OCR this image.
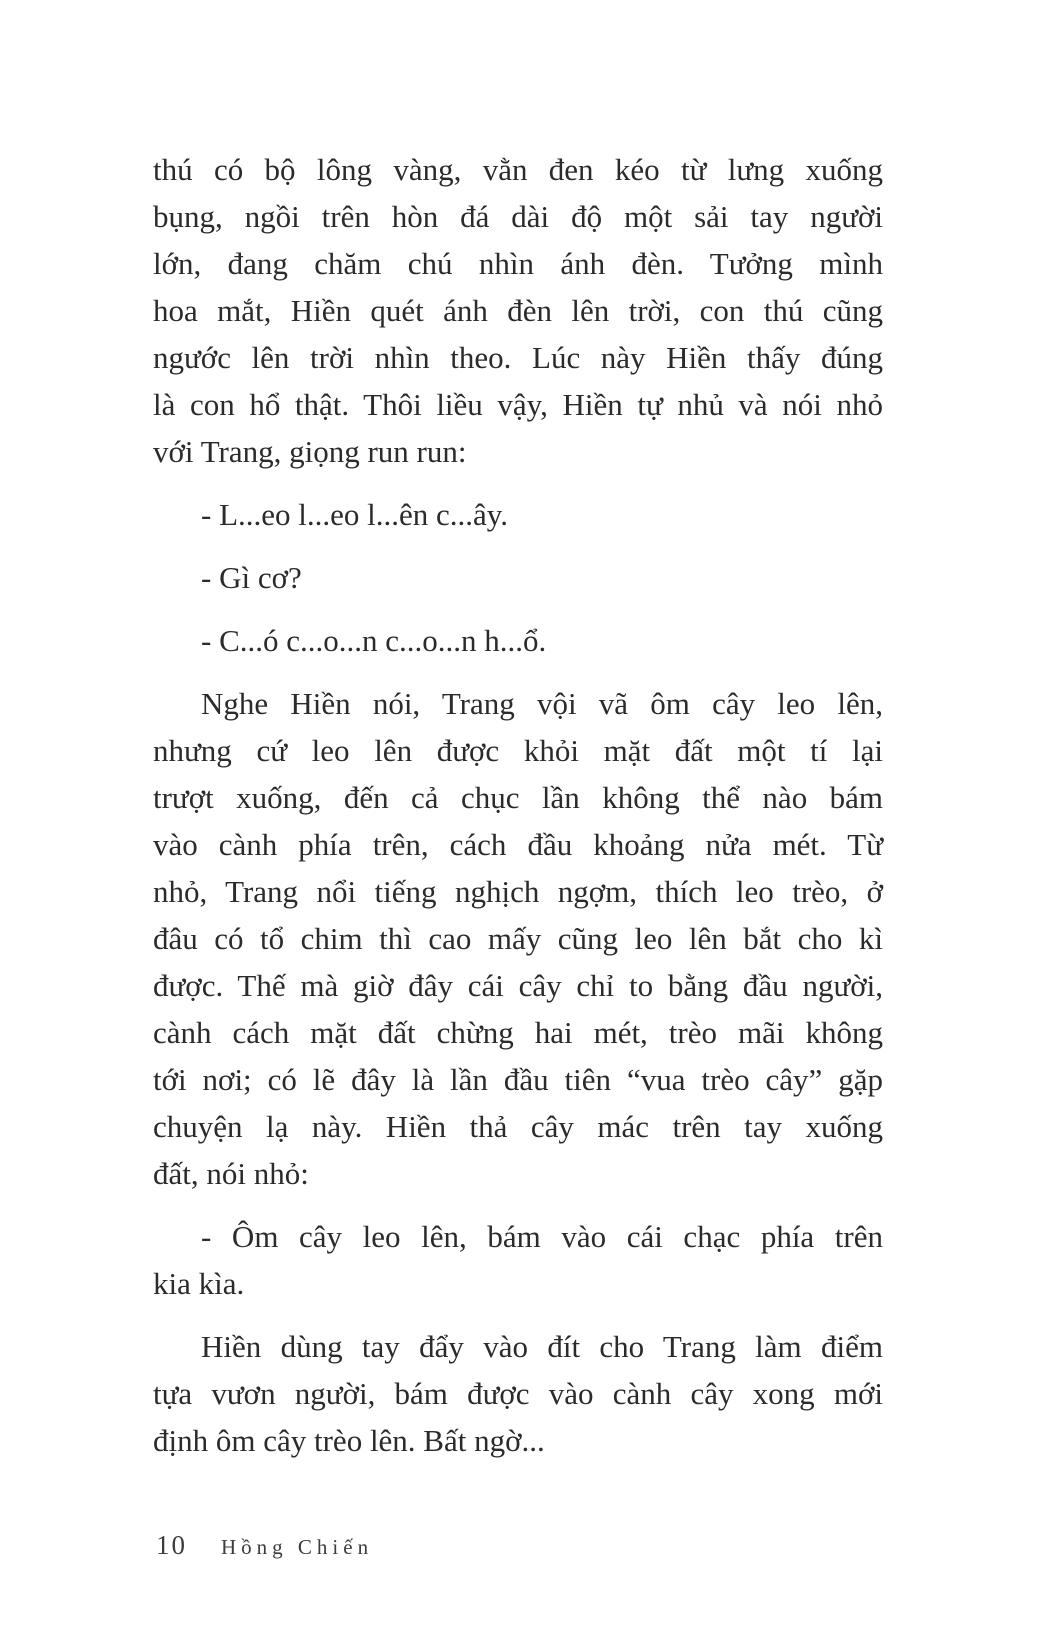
thú có bộ lông vàng, vằn đen kéo từ lưng xuống
bụng, ngồi trên hòn đá dài độ một sải tay người
lớn, đang chăm chú nhìn ánh đèn. Tưởng mình
hoa mắt, Hiền quét ánh đèn lên trời, con thú cũng
ngước lên trời nhìn theo. Lúc này Hiền thấy đúng
là con hổ thật. Thôi liều vậy, Hiền tự nhủ và nói nhỏ
với Trang, giọng run run:
- L...eo l...eo l...ên c...ây.
- Gì cơ?
- C...ó c...o...n c...o...n h...ổ.
Nghe Hiền nói, Trang vội vã ôm cây leo lên,
nhưng cứ leo lên được khỏi mặt đất một tí lại
trượt xuống, đến cả chục lần không thể nào bám
vào cành phía trên, cách đầu khoảng nửa mét. Từ
nhỏ, Trang nổi tiếng nghịch ngợm, thích leo trèo, ở
đâu có tổ chim thì cao mấy cũng leo lên bắt cho kì
được. Thế mà giờ đây cái cây chỉ to bằng đầu người,
cành cách mặt đất chừng hai mét, trèo mãi không
tới nơi; có lẽ đây là lần đầu tiên “vua trèo cây” gặp
chuyện lạ này. Hiền thả cây mác trên tay xuống
đất, nói nhỏ:
- Ôm cây leo lên, bám vào cái chạc phía trên
kia kìa.
Hiền dùng tay đẩy vào đít cho Trang làm điểm
tựa vươn người, bám được vào cành cây xong mới
định ôm cây trèo lên. Bất ngờ...
10 Hồng Chiến
